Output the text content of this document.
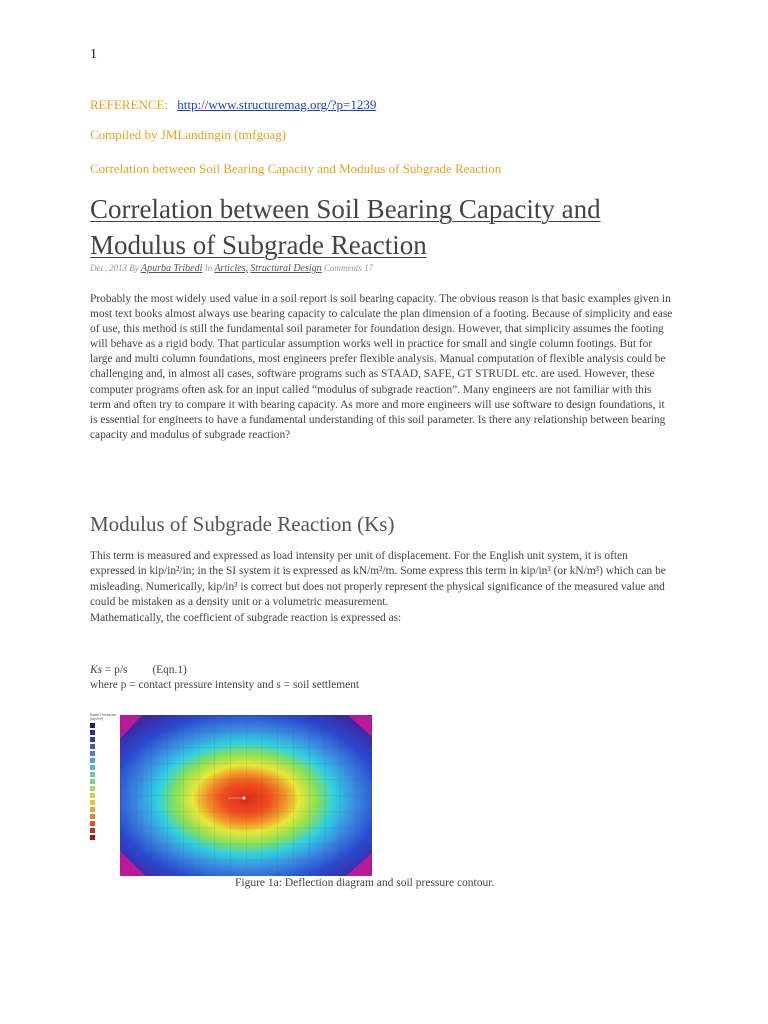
1
REFERENCE: http://www.structuremag.org/?p=1239
Compiled by JMLandingin (tmfgoag)
Correlation between Soil Bearing Capacity and Modulus of Subgrade Reaction
Correlation between Soil Bearing Capacity and Modulus of Subgrade Reaction
Dec, 2013 By Apurba Tribedi In Articles, Structural Design Comments 17
Probably the most widely used value in a soil report is soil bearing capacity. The obvious reason is that basic examples given in most text books almost always use bearing capacity to calculate the plan dimension of a footing. Because of simplicity and ease of use, this method is still the fundamental soil parameter for foundation design. However, that simplicity assumes the footing will behave as a rigid body. That particular assumption works well in practice for small and single column footings. But for large and multi column foundations, most engineers prefer flexible analysis. Manual computation of flexible analysis could be challenging and, in almost all cases, software programs such as STAAD, SAFE, GT STRUDL etc. are used. However, these computer programs often ask for an input called “modulus of subgrade reaction”. Many engineers are not familiar with this term and often try to compare it with bearing capacity. As more and more engineers will use software to design foundations, it is essential for engineers to have a fundamental understanding of this soil parameter. Is there any relationship between bearing capacity and modulus of subgrade reaction?
Modulus of Subgrade Reaction (Ks)

This term is measured and expressed as load intensity per unit of displacement. For the English unit system, it is often expressed in kip/in²/in; in the SI system it is expressed as kN/m²/m. Some express this term in kip/in³ (or kN/m³) which can be misleading. Numerically, kip/in³ is correct but does not properly represent the physical significance of the measured value and could be mistaken as a density unit or a volumetric measurement.

Mathematically, the coefficient of subgrade reaction is expressed as:

Ks = p/s (Eqn.1)
where p = contact pressure intensity and s = soil settlement
Base Pressure (kip/in²)
Figure 1a: Deflection diagram and soil pressure contour.
